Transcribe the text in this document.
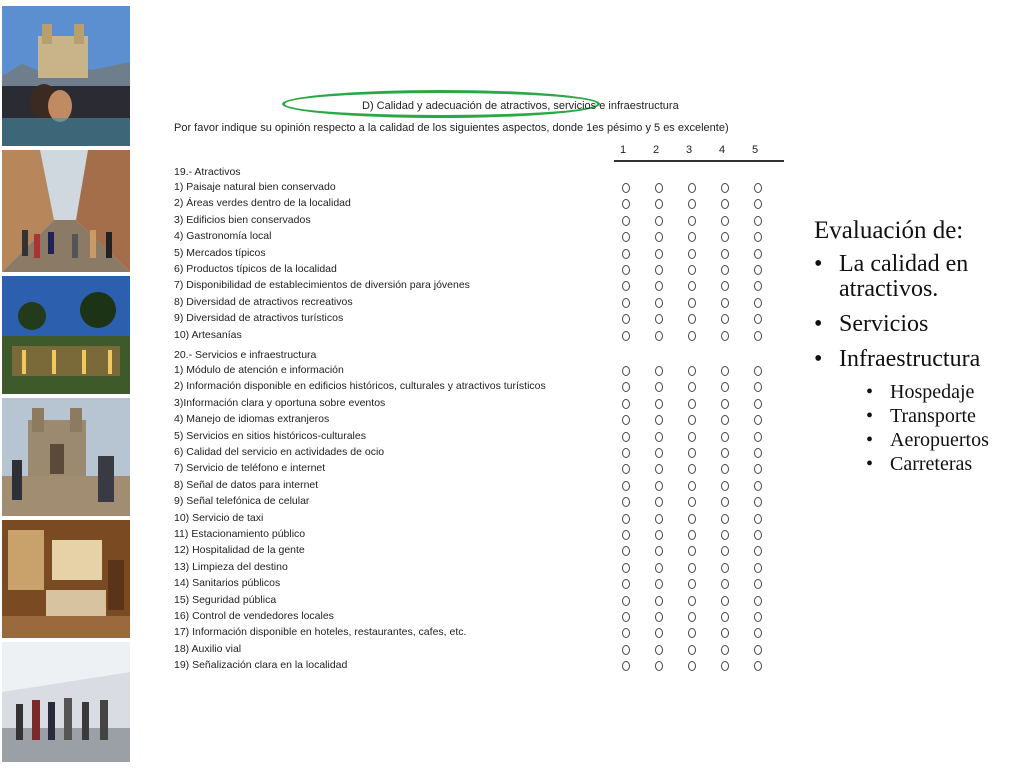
D) Calidad y adecuación de atractivos, servicios e infraestructura
Por favor indique su opinión respecto a la calidad de los siguientes aspectos, donde 1es pésimo y 5 es excelente)
1 2 3 4 5
19.- Atractivos
1) Paisaje natural bien conservado
2) Áreas verdes dentro de la localidad
3) Edificios bien conservados
4) Gastronomía local
5) Mercados típicos
6) Productos típicos de la localidad
7) Disponibilidad de establecimientos de diversión para jóvenes
8) Diversidad de atractivos recreativos
9) Diversidad de atractivos turísticos
10) Artesanías
20.- Servicios e infraestructura
1) Módulo de atención e información
2) Información disponible en edificios históricos, culturales y atractivos turísticos
3)Información clara y oportuna sobre eventos
4) Manejo de idiomas extranjeros
5) Servicios en sitios históricos-culturales
6) Calidad del servicio en actividades de ocio
7) Servicio de teléfono e internet
8) Señal de datos para internet
9) Señal telefónica de celular
10) Servicio de taxi
11) Estacionamiento público
12) Hospitalidad de la gente
13) Limpieza del destino
14) Sanitarios públicos
15) Seguridad pública
16) Control de vendedores locales
17) Información disponible en hoteles, restaurantes, cafes, etc.
18) Auxilio vial
19) Señalización clara en la localidad
Evaluación de:
• La calidad en atractivos.
• Servicios
• Infraestructura
• Hospedaje
• Transporte
• Aeropuertos
• Carreteras
